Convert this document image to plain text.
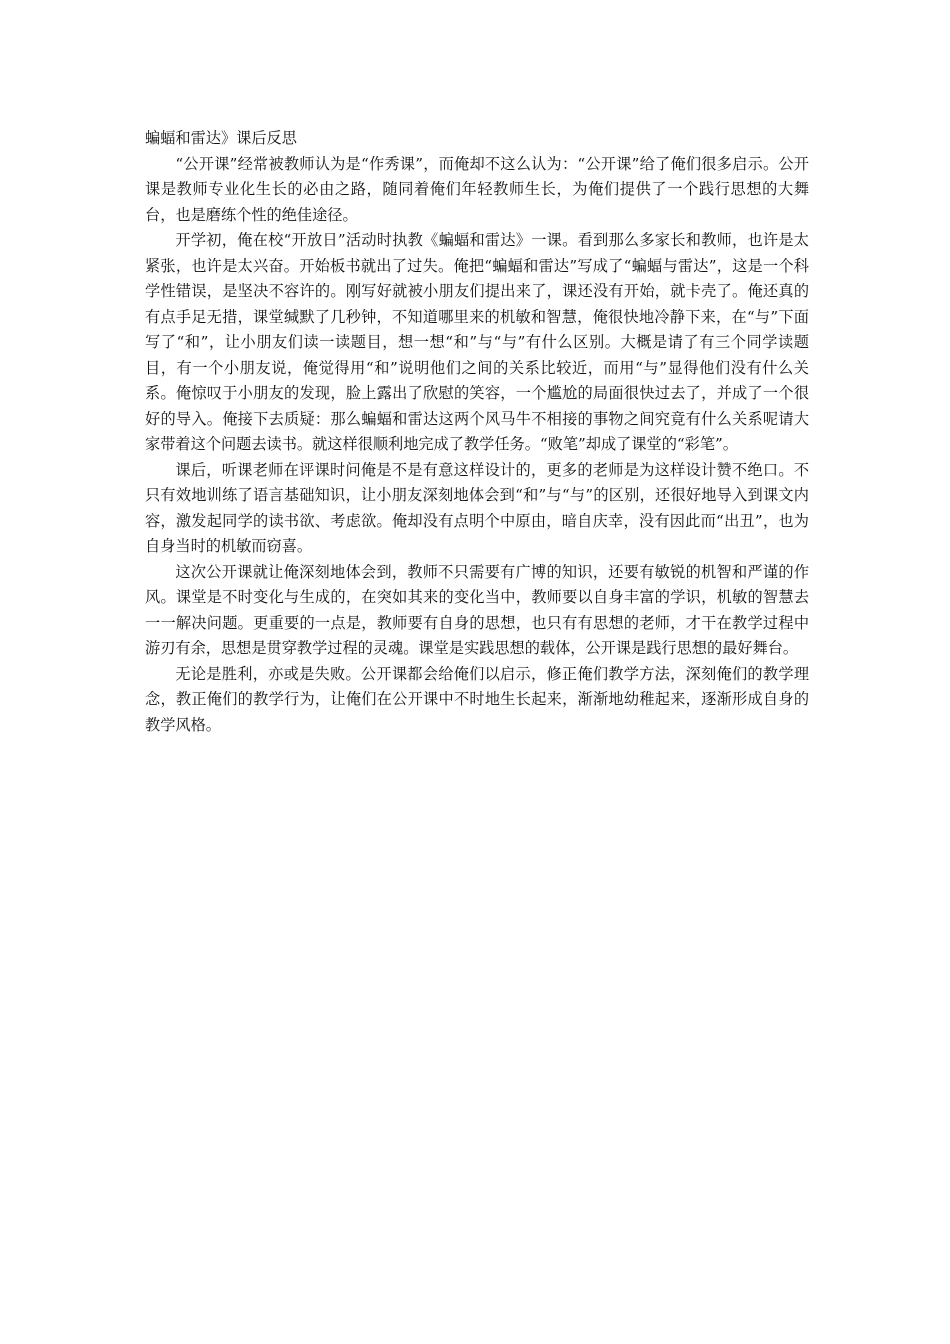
蝙蝠和雷达》课后反思

“公开课”经常被教师认为是“作秀课”，而俺却不这么认为：“公开课”给了俺们很多启示。公开课是教师专业化生长的必由之路，随同着俺们年轻教师生长，为俺们提供了一个践行思想的大舞台，也是磨练个性的绝佳途径。

开学初，俺在校“开放日”活动时执教《蝙蝠和雷达》一课。看到那么多家长和教师，也许是太紧张，也许是太兴奋。开始板书就出了过失。俺把“蝙蝠和雷达”写成了“蝙蝠与雷达”，这是一个科学性错误，是坚决不容许的。刚写好就被小朋友们提出来了，课还没有开始，就卡壳了。俺还真的有点手足无措，课堂缄默了几秒钟，不知道哪里来的机敏和智慧，俺很快地冷静下来，在“与”下面写了“和”，让小朋友们读一读题目，想一想“和”与“与”有什么区别。大概是请了有三个同学读题目，有一个小朋友说，俺觉得用“和”说明他们之间的关系比较近，而用“与”显得他们没有什么关系。俺惊叹于小朋友的发现，脸上露出了欣慰的笑容，一个尴尬的局面很快过去了，并成了一个很好的导入。俺接下去质疑：那么蝙蝠和雷达这两个风马牛不相接的事物之间究竟有什么关系呢请大家带着这个问题去读书。就这样很顺利地完成了教学任务。“败笔”却成了课堂的“彩笔”。

课后，听课老师在评课时问俺是不是有意这样设计的，更多的老师是为这样设计赞不绝口。不只有效地训练了语言基础知识，让小朋友深刻地体会到“和”与“与”的区别，还很好地导入到课文内容，激发起同学的读书欲、考虑欲。俺却没有点明个中原由，暗自庆幸，没有因此而“出丑”，也为自身当时的机敏而窃喜。

这次公开课就让俺深刻地体会到，教师不只需要有广博的知识，还要有敏锐的机智和严谨的作风。课堂是不时变化与生成的，在突如其来的变化当中，教师要以自身丰富的学识，机敏的智慧去一一解决问题。更重要的一点是，教师要有自身的思想，也只有有思想的老师，才干在教学过程中游刃有余，思想是贯穿教学过程的灵魂。课堂是实践思想的载体，公开课是践行思想的最好舞台。

无论是胜利，亦或是失败。公开课都会给俺们以启示，修正俺们教学方法，深刻俺们的教学理念，教正俺们的教学行为，让俺们在公开课中不时地生长起来，渐渐地幼稚起来，逐渐形成自身的教学风格。
